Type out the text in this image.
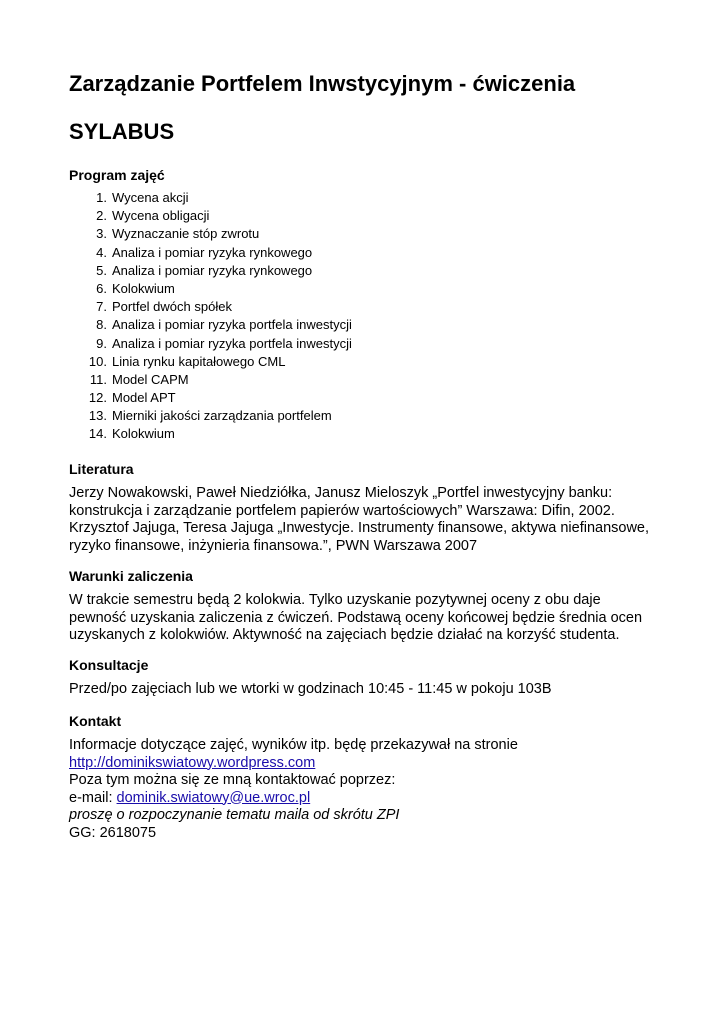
Zarządzanie Portfelem Inwstycyjnym - ćwiczenia
SYLABUS
Program zajęć
1. Wycena akcji
2. Wycena obligacji
3. Wyznaczanie stóp zwrotu
4. Analiza i pomiar ryzyka rynkowego
5. Analiza i pomiar ryzyka rynkowego
6. Kolokwium
7. Portfel dwóch spółek
8. Analiza i pomiar ryzyka portfela inwestycji
9. Analiza i pomiar ryzyka portfela inwestycji
10. Linia rynku kapitałowego CML
11. Model CAPM
12. Model APT
13. Mierniki jakości zarządzania portfelem
14. Kolokwium
Literatura
Jerzy Nowakowski, Paweł Niedziółka, Janusz Mieloszyk „Portfel inwestycyjny banku:
konstrukcja i zarządzanie portfelem papierów wartościowych” Warszawa: Difin, 2002.
Krzysztof Jajuga, Teresa Jajuga „Inwestycje. Instrumenty finansowe, aktywa niefinansowe,
ryzyko finansowe, inżynieria finansowa.”, PWN Warszawa 2007
Warunki zaliczenia
W trakcie semestru będą 2 kolokwia. Tylko uzyskanie pozytywnej oceny z obu daje
pewność uzyskania zaliczenia z ćwiczeń. Podstawą oceny końcowej będzie średnia ocen
uzyskanych z kolokwiów. Aktywność na zajęciach będzie działać na korzyść studenta.
Konsultacje
Przed/po zajęciach lub we wtorki w godzinach 10:45 - 11:45 w pokoju 103B
Kontakt
Informacje dotyczące zajęć, wyników itp. będę przekazywał na stronie
http://dominikswiatowy.wordpress.com
Poza tym można się ze mną kontaktować poprzez:
e-mail: dominik.swiatowy@ue.wroc.pl
proszę o rozpoczynanie tematu maila od skrótu ZPI
GG: 2618075
